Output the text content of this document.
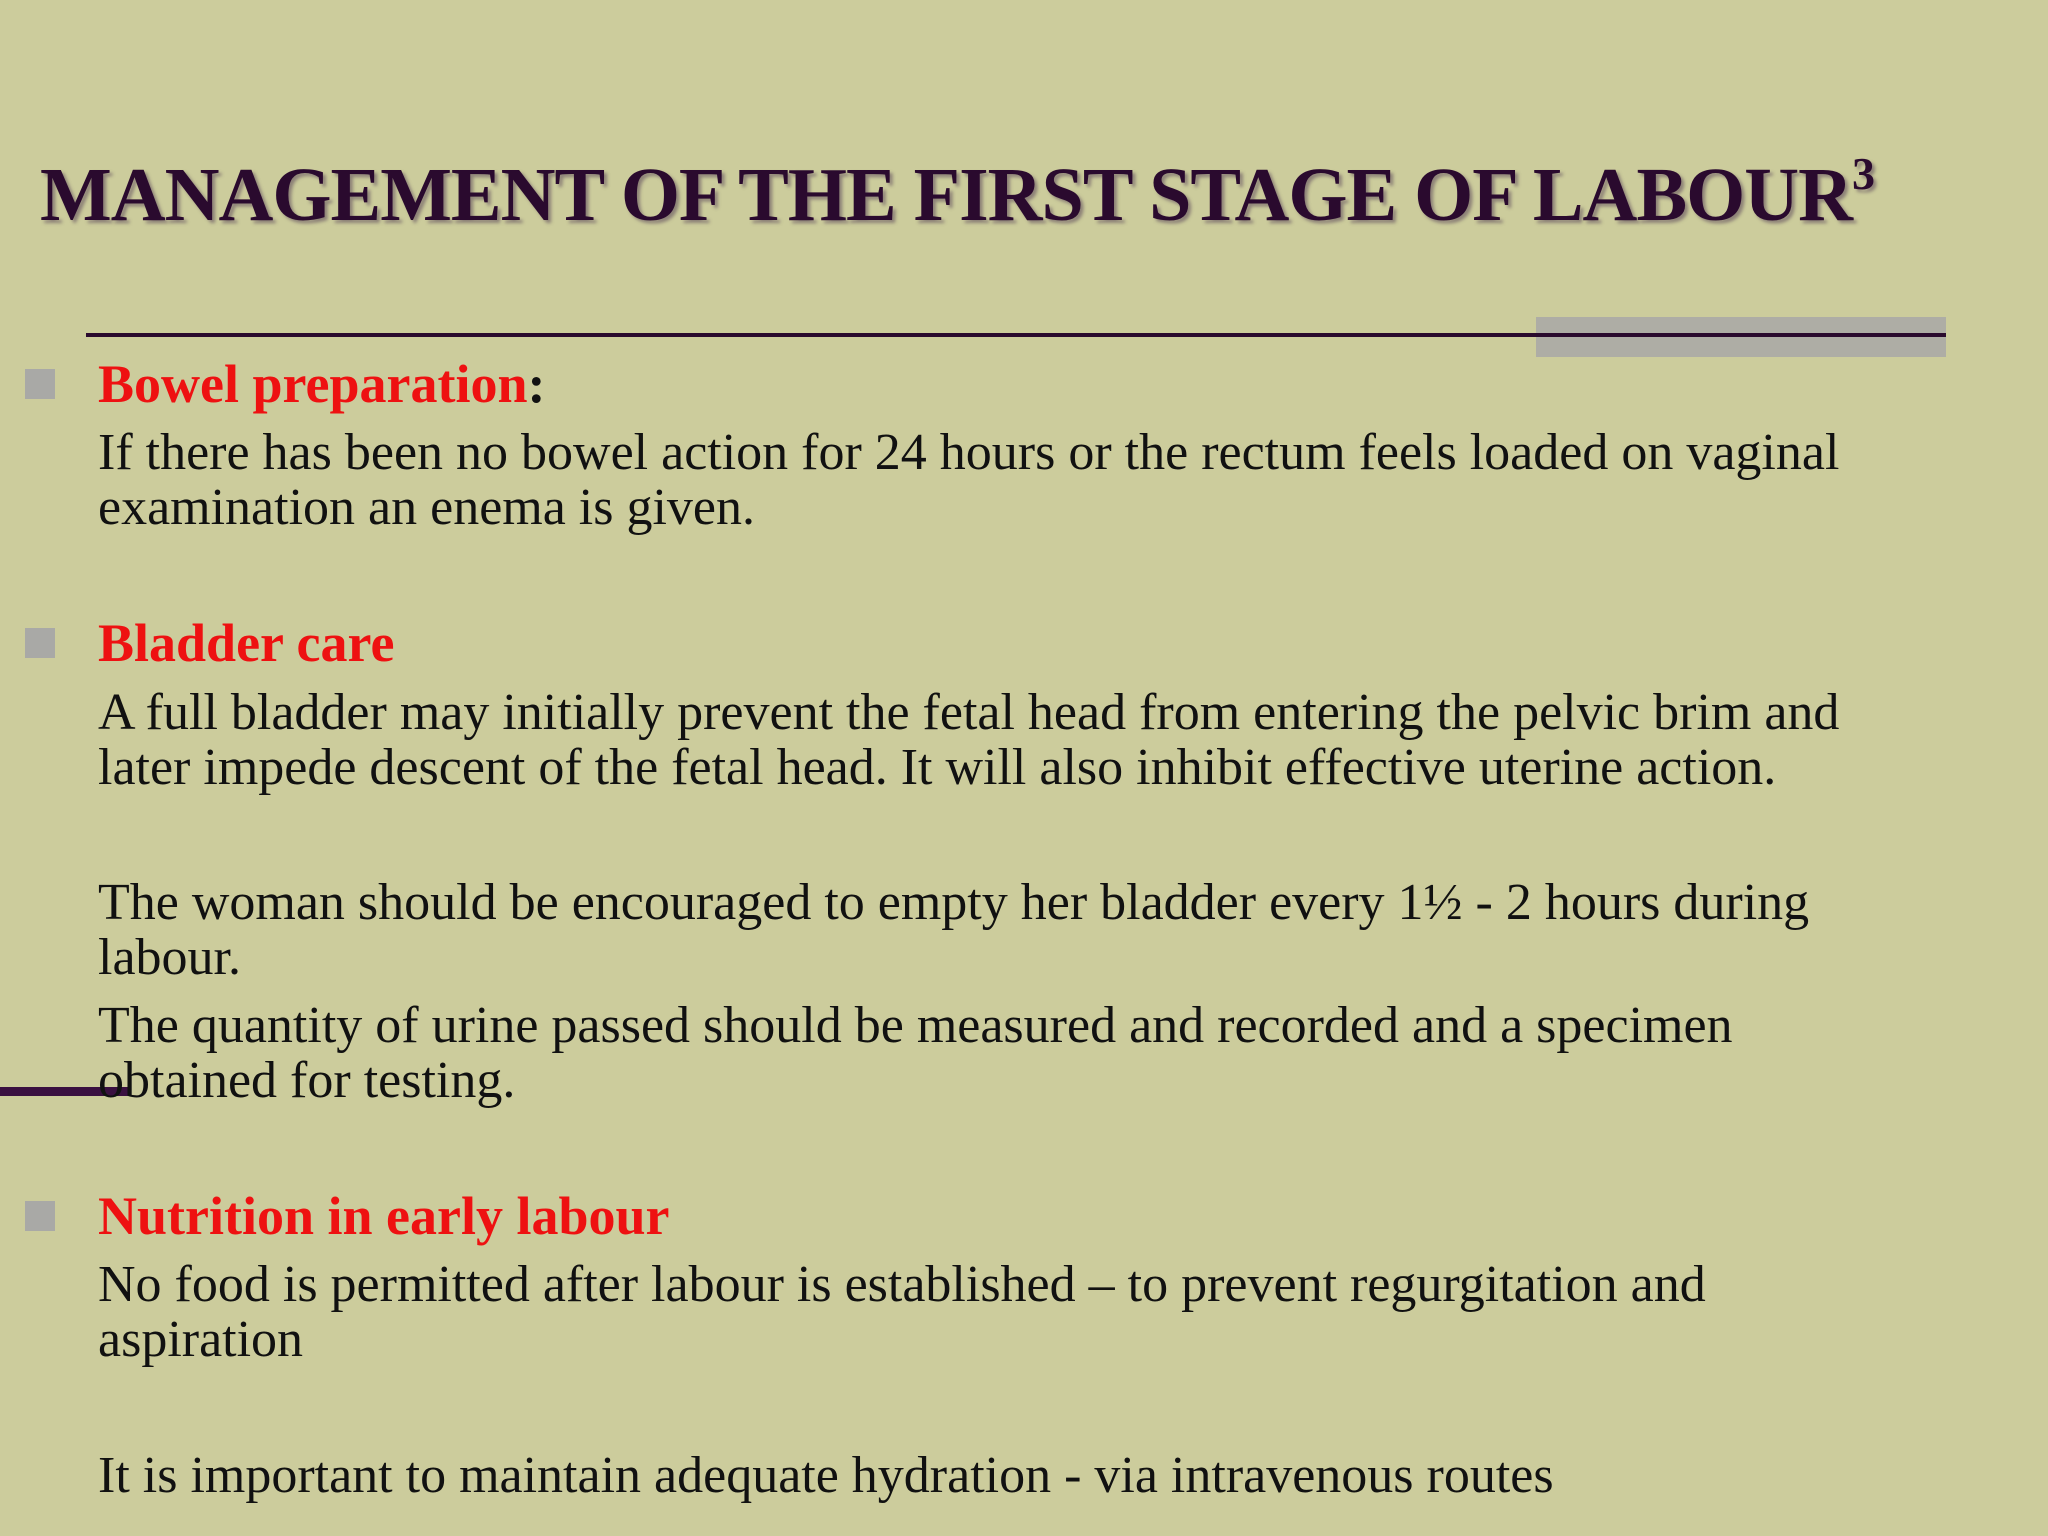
MANAGEMENT OF THE FIRST STAGE OF LABOUR$^3$
Bowel preparation:
If there has been no bowel action for 24 hours or the rectum feels loaded on vaginal
examination an enema is given.
Bladder care
A full bladder may initially prevent the fetal head from entering the pelvic brim and
later impede descent of the fetal head. It will also inhibit effective uterine action.
The woman should be encouraged to empty her bladder every 1½ - 2 hours during
labour.
The quantity of urine passed should be measured and recorded and a specimen
obtained for testing.
Nutrition in early labour
No food is permitted after labour is established – to prevent regurgitation and
aspiration
It is important to maintain adequate hydration - via intravenous routes
